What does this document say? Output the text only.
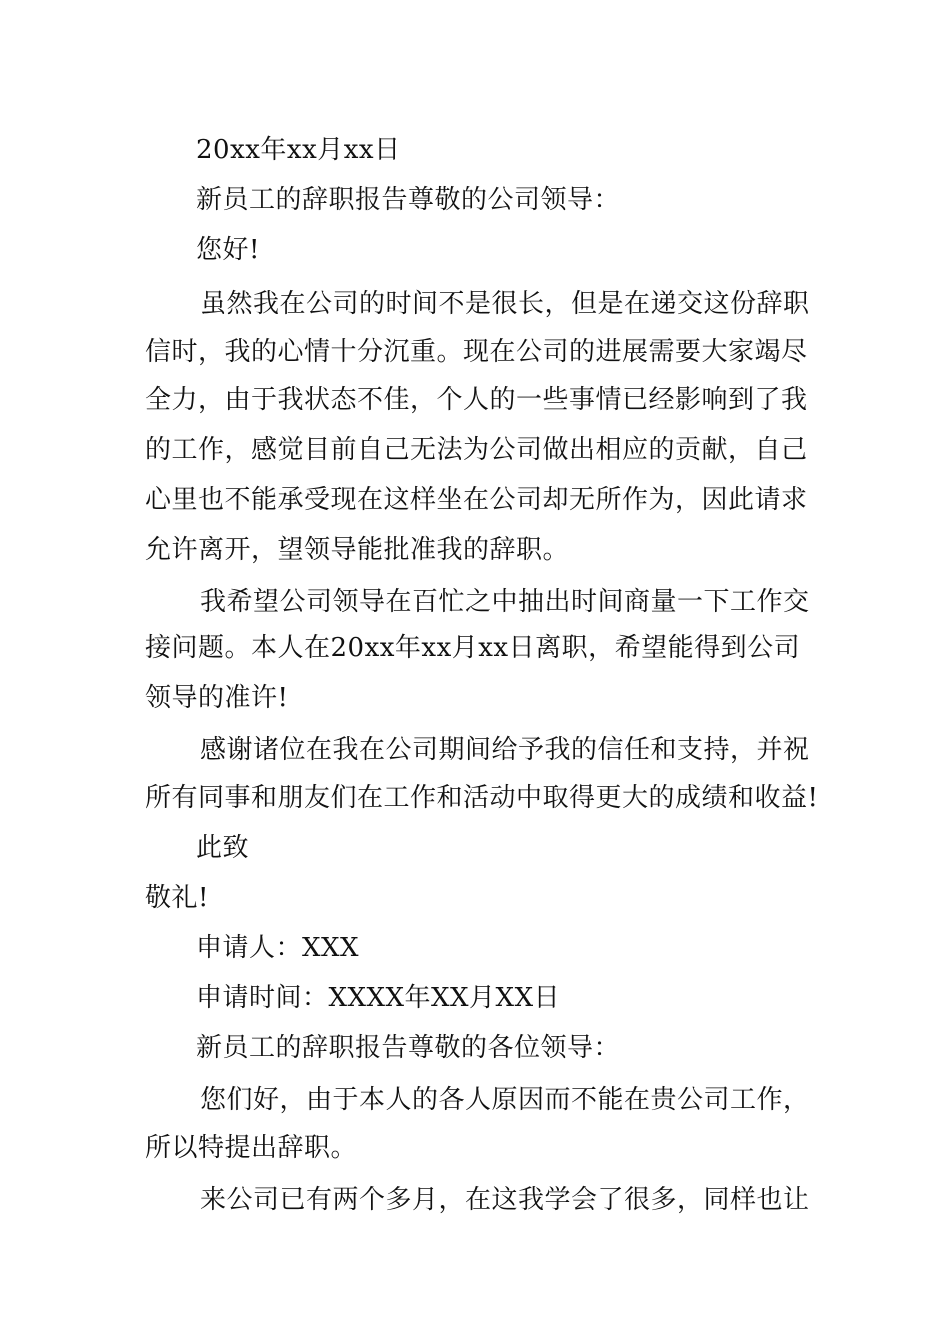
20xx年xx月xx日
新员工的辞职报告尊敬的公司领导：
您好!
虽然我在公司的时间不是很长，但是在递交这份辞职
信时，我的心情十分沉重。现在公司的进展需要大家竭尽
全力，由于我状态不佳，个人的一些事情已经影响到了我
的工作，感觉目前自己无法为公司做出相应的贡献，自己
心里也不能承受现在这样坐在公司却无所作为，因此请求
允许离开，望领导能批准我的辞职。
我希望公司领导在百忙之中抽出时间商量一下工作交
接问题。本人在20xx年xx月xx日离职，希望能得到公司
领导的准许!
感谢诸位在我在公司期间给予我的信任和支持，并祝
所有同事和朋友们在工作和活动中取得更大的成绩和收益!
此致
敬礼!
申请人：XXX
申请时间：XXXX年XX月XX日
新员工的辞职报告尊敬的各位领导：
您们好，由于本人的各人原因而不能在贵公司工作，
所以特提出辞职。
来公司已有两个多月，在这我学会了很多，同样也让
